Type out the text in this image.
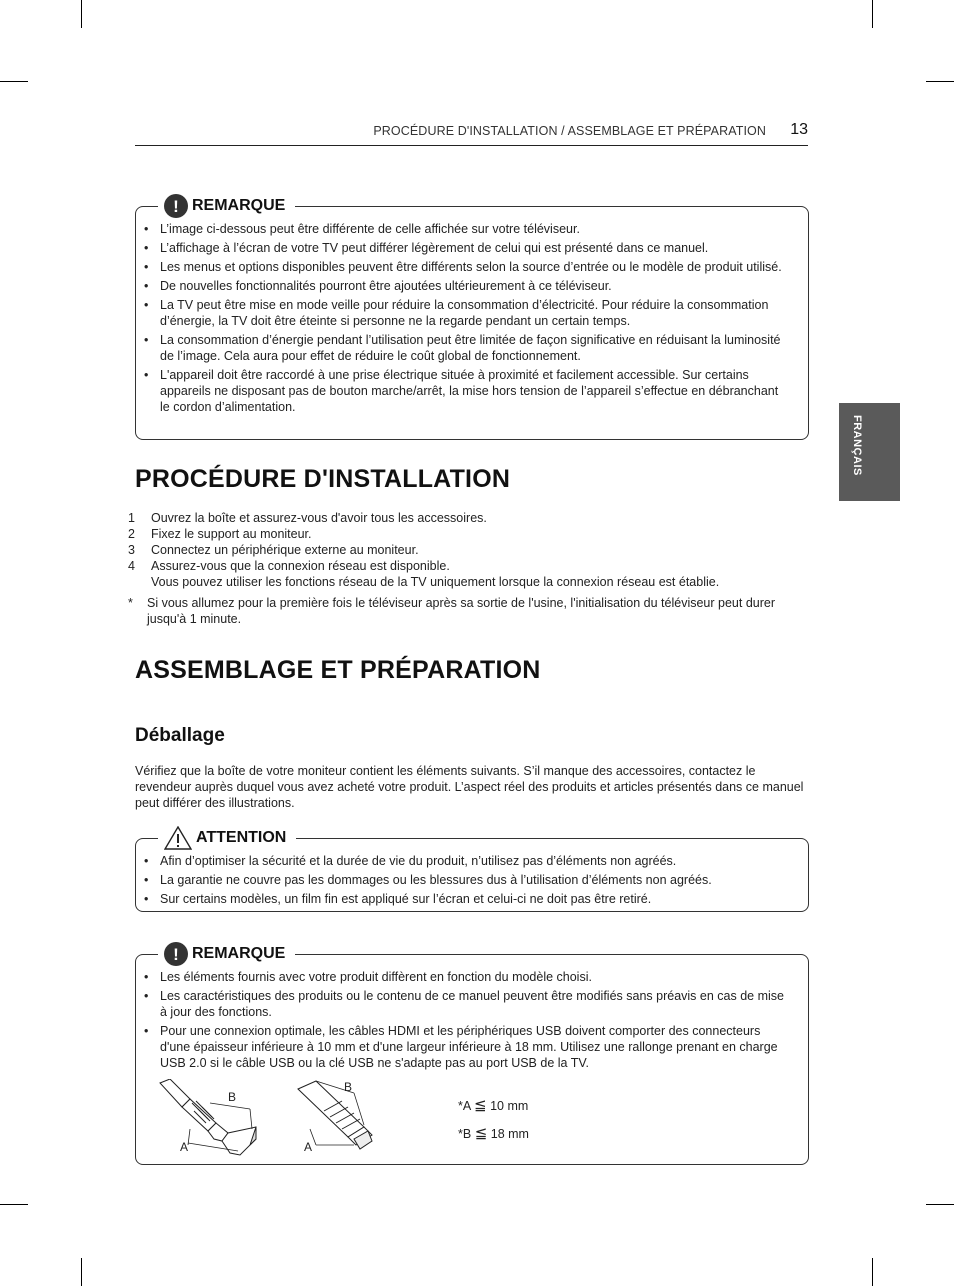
PROCÉDURE D'INSTALLATION / ASSEMBLAGE ET PRÉPARATION 13
FRANÇAIS
! REMARQUE
• L’image ci-dessous peut être différente de celle affichée sur votre téléviseur.
• L’affichage à l’écran de votre TV peut différer légèrement de celui qui est présenté dans ce manuel.
• Les menus et options disponibles peuvent être différents selon la source d’entrée ou le modèle de produit utilisé.
• De nouvelles fonctionnalités pourront être ajoutées ultérieurement à ce téléviseur.
• La TV peut être mise en mode veille pour réduire la consommation d’électricité. Pour réduire la consommation d’énergie, la TV doit être éteinte si personne ne la regarde pendant un certain temps.
• La consommation d’énergie pendant l’utilisation peut être limitée de façon significative en réduisant la luminosité de l’image. Cela aura pour effet de réduire le coût global de fonctionnement.
• L'appareil doit être raccordé à une prise électrique située à proximité et facilement accessible. Sur certains appareils ne disposant pas de bouton marche/arrêt, la mise hors tension de l’appareil s’effectue en débranchant le cordon d’alimentation.
PROCÉDURE D'INSTALLATION
1 Ouvrez la boîte et assurez-vous d'avoir tous les accessoires.
2 Fixez le support au moniteur.
3 Connectez un périphérique externe au moniteur.
4 Assurez-vous que la connexion réseau est disponible.
Vous pouvez utiliser les fonctions réseau de la TV uniquement lorsque la connexion réseau est établie.
* Si vous allumez pour la première fois le téléviseur après sa sortie de l'usine, l'initialisation du téléviseur peut durer jusqu'à 1 minute.
ASSEMBLAGE ET PRÉPARATION
Déballage

Vérifiez que la boîte de votre moniteur contient les éléments suivants. S’il manque des accessoires, contactez le revendeur auprès duquel vous avez acheté votre produit. L’aspect réel des produits et articles présentés dans ce manuel peut différer des illustrations.

ATTENTION
• Afin d’optimiser la sécurité et la durée de vie du produit, n’utilisez pas d’éléments non agréés.
• La garantie ne couvre pas les dommages ou les blessures dus à l’utilisation d’éléments non agréés.
• Sur certains modèles, un film fin est appliqué sur l’écran et celui-ci ne doit pas être retiré.
! REMARQUE
• Les éléments fournis avec votre produit diffèrent en fonction du modèle choisi.
• Les caractéristiques des produits ou le contenu de ce manuel peuvent être modifiés sans préavis en cas de mise à jour des fonctions.
• Pour une connexion optimale, les câbles HDMI et les périphériques USB doivent comporter des connecteurs d'une épaisseur inférieure à 10 mm et d'une largeur inférieure à 18 mm. Utilisez une rallonge prenant en charge USB 2.0 si le câble USB ou la clé USB ne s'adapte pas au port USB de la TV.
B
A
B
A
*A ≦ 10 mm
*B ≦ 18 mm
